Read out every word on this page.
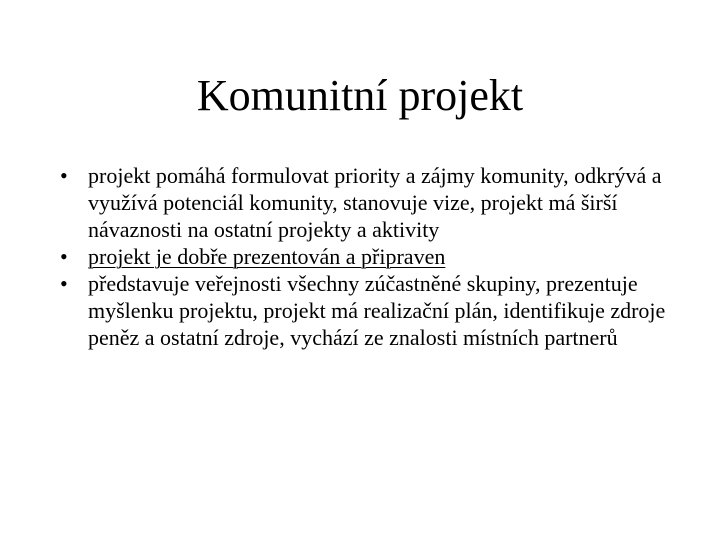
Komunitní projekt
• projekt pomáhá formulovat priority a zájmy komunity, odkrývá a využívá potenciál komunity, stanovuje vize, projekt má širší návaznosti na ostatní projekty a aktivity
• projekt je dobře prezentován a připraven
• představuje veřejnosti všechny zúčastněné skupiny, prezentuje myšlenku projektu, projekt má realizační plán, identifikuje zdroje peněz a ostatní zdroje, vychází ze znalosti místních partnerů
